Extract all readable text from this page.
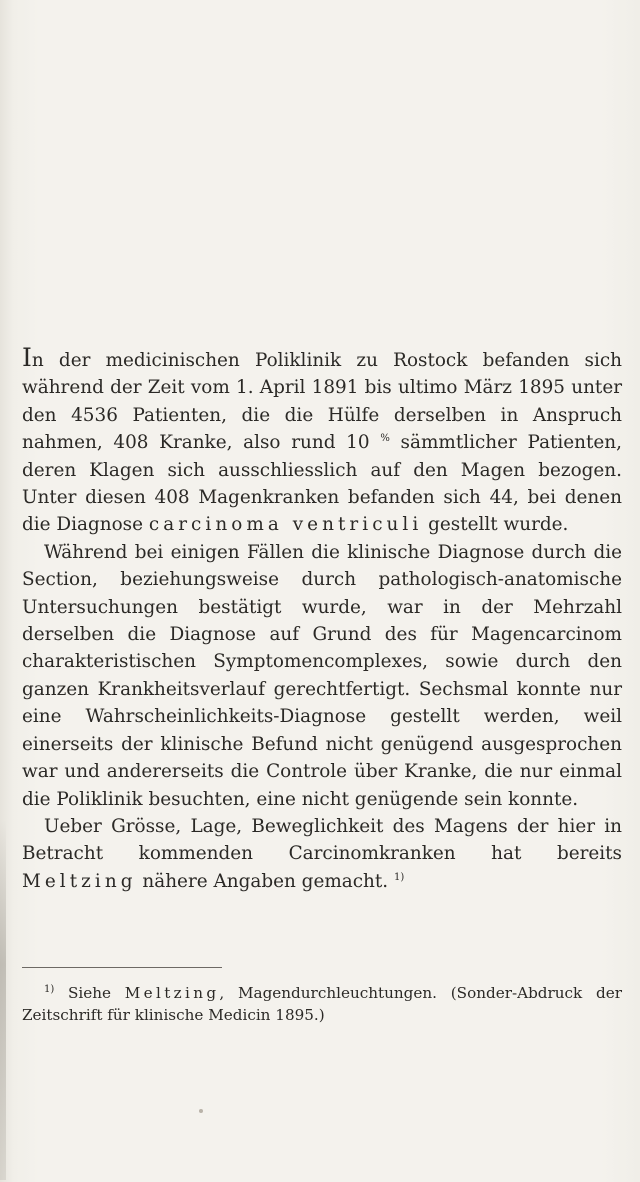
In der medicinischen Poliklinik zu Rostock befanden sich während der Zeit vom 1. April 1891 bis ultimo März 1895 unter den 4536 Patienten, die die Hülfe derselben in Anspruch nahmen, 408 Kranke, also rund 10 % sämmtlicher Patienten, deren Klagen sich ausschliesslich auf den Magen bezogen. Unter diesen 408 Magenkranken befanden sich 44, bei denen die Diagnose carcinoma ventriculi gestellt wurde.

Während bei einigen Fällen die klinische Diagnose durch die Section, beziehungsweise durch pathologisch-anatomische Untersuchungen bestätigt wurde, war in der Mehrzahl derselben die Diagnose auf Grund des für Magencarcinom charakteristischen Symptomencomplexes, sowie durch den ganzen Krankheitsverlauf gerechtfertigt. Sechsmal konnte nur eine Wahrscheinlichkeits-Diagnose gestellt werden, weil einerseits der klinische Befund nicht genügend ausgesprochen war und andererseits die Controle über Kranke, die nur einmal die Poliklinik besuchten, eine nicht genügende sein konnte.

Ueber Grösse, Lage, Beweglichkeit des Magens der hier in Betracht kommenden Carcinomkranken hat bereits Meltzing nähere Angaben gemacht. $^{1)}$

$^{1)}$ Siehe Meltzing, Magendurchleuchtungen. (Sonder-Abdruck der Zeitschrift für klinische Medicin 1895.)
